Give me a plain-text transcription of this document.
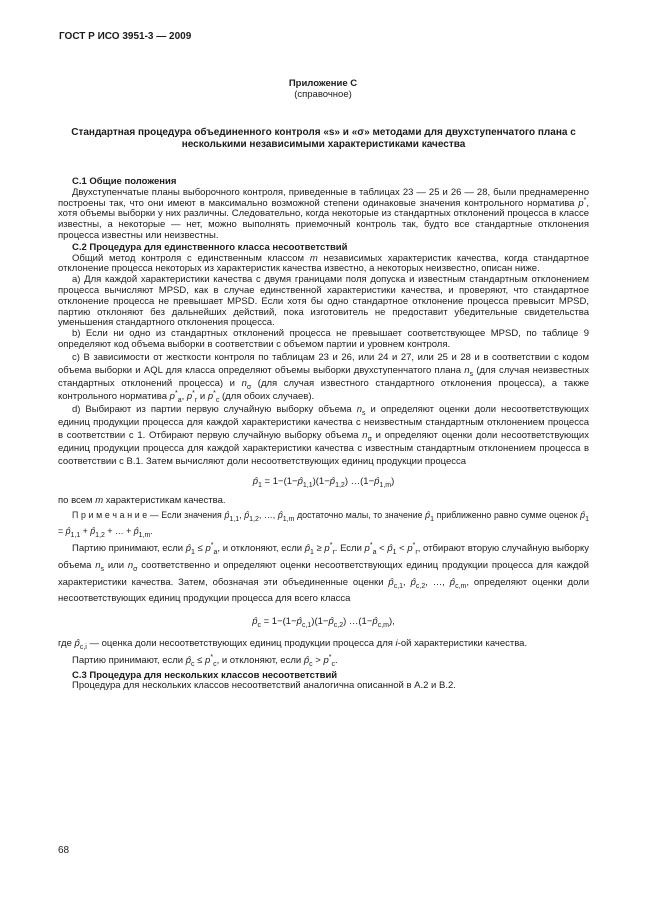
ГОСТ Р ИСО 3951-3 — 2009
Приложение С
(справочное)
Стандартная процедура объединенного контроля «s» и «σ» методами для двухступенчатого плана с несколькими независимыми характеристиками качества
С.1 Общие положения
Двухступенчатые планы выборочного контроля, приведенные в таблицах 23 — 25 и 26 — 28, были преднамеренно построены так, что они имеют в максимально возможной степени одинаковые значения контрольного норматива p*, хотя объемы выборки у них различны. Следовательно, когда некоторые из стандартных отклонений процесса в классе известны, а некоторые — нет, можно выполнять приемочный контроль так, будто все стандартные отклонения процесса известны или неизвестны.
С.2 Процедура для единственного класса несоответствий
Общий метод контроля с единственным классом m независимых характеристик качества, когда стандартное отклонение процесса некоторых из характеристик качества известно, а некоторых неизвестно, описан ниже.
a) Для каждой характеристики качества с двумя границами поля допуска и известным стандартным отклонением процесса вычисляют MPSD, как в случае единственной характеристики качества, и проверяют, что стандартное отклонение процесса не превышает MPSD. Если хотя бы одно стандартное отклонение процесса превысит MPSD, партию отклоняют без дальнейших действий, пока изготовитель не предоставит убедительные свидетельства уменьшения стандартного отклонения процесса.
b) Если ни одно из стандартных отклонений процесса не превышает соответствующее MPSD, по таблице 9 определяют код объема выборки в соответствии с объемом партии и уровнем контроля.
c) В зависимости от жесткости контроля по таблицам 23 и 26, или 24 и 27, или 25 и 28 и в соответствии с кодом объема выборки и AQL для класса определяют объемы выборки двухступенчатого плана $n_s$ (для случая неизвестных стандартных отклонений процесса) и $n_\sigma$ (для случая известного стандартного отклонения процесса), а также контрольного норматива $p^*_a$, $p^*_r$ и $p^*_c$ (для обоих случаев).
d) Выбирают из партии первую случайную выборку объема $n_s$ и определяют оценки доли несоответствующих единиц продукции процесса для каждой характеристики качества с неизвестным стандартным отклонением процесса в соответствии с 1. Отбирают первую случайную выборку объема $n_\sigma$ и определяют оценки доли несоответствующих единиц продукции процесса для каждой характеристики качества с известным стандартным отклонением процесса в соответствии с В.1. Затем вычисляют доли несоответствующих единиц продукции процесса
$p̂_1$ = $1-(1-p̂_{1,1})(1-p̂_{1,2})$ $\dots(1-p̂_{1,m})$
по всем m характеристикам качества.
П р и м е ч а н и е — Если значения $p̂_{1,1}$, $p̂_{1,2}$, …, $p̂_{1,m}$ достаточно малы, то значение $p̂_1$ приближенно равно сумме оценок $p̂_1$ = $p̂_{1,1}$ + $p̂_{1,2}$ + … + $p̂_{1,m}$.
Партию принимают, если $p̂_1 \le p^*_a$, и отклоняют, если $p̂_1 \ge p^*_r$. Если $p^*_a$ < $p̂_1 < p^*_r$, отбирают вторую случайную выборку объема $n_s$ или $n_\sigma$ соответственно и определяют оценки несоответствующих единиц продукции процесса для каждой характеристики качества. Затем, обозначая эти объединенные оценки $p̂_{c,1}$, $p̂_{c,2}$, …, $p̂_{c,m}$, определяют оценки доли несоответствующих единиц продукции процесса для всего класса
$p̂_c$ = $1-(1-p̂_{c,1})(1-p̂_{c,2})$ $\dots(1-p̂_{c,m})$,
где $p̂_{c,i}$ — оценка доли несоответствующих единиц продукции процесса для i-ой характеристики качества.
Партию принимают, если $p̂_c \le p^*_c$, и отклоняют, если $p̂_c > p^*_c$.
С.3 Процедура для нескольких классов несоответствий
Процедура для нескольких классов несоответствий аналогична описанной в А.2 и В.2.
68
